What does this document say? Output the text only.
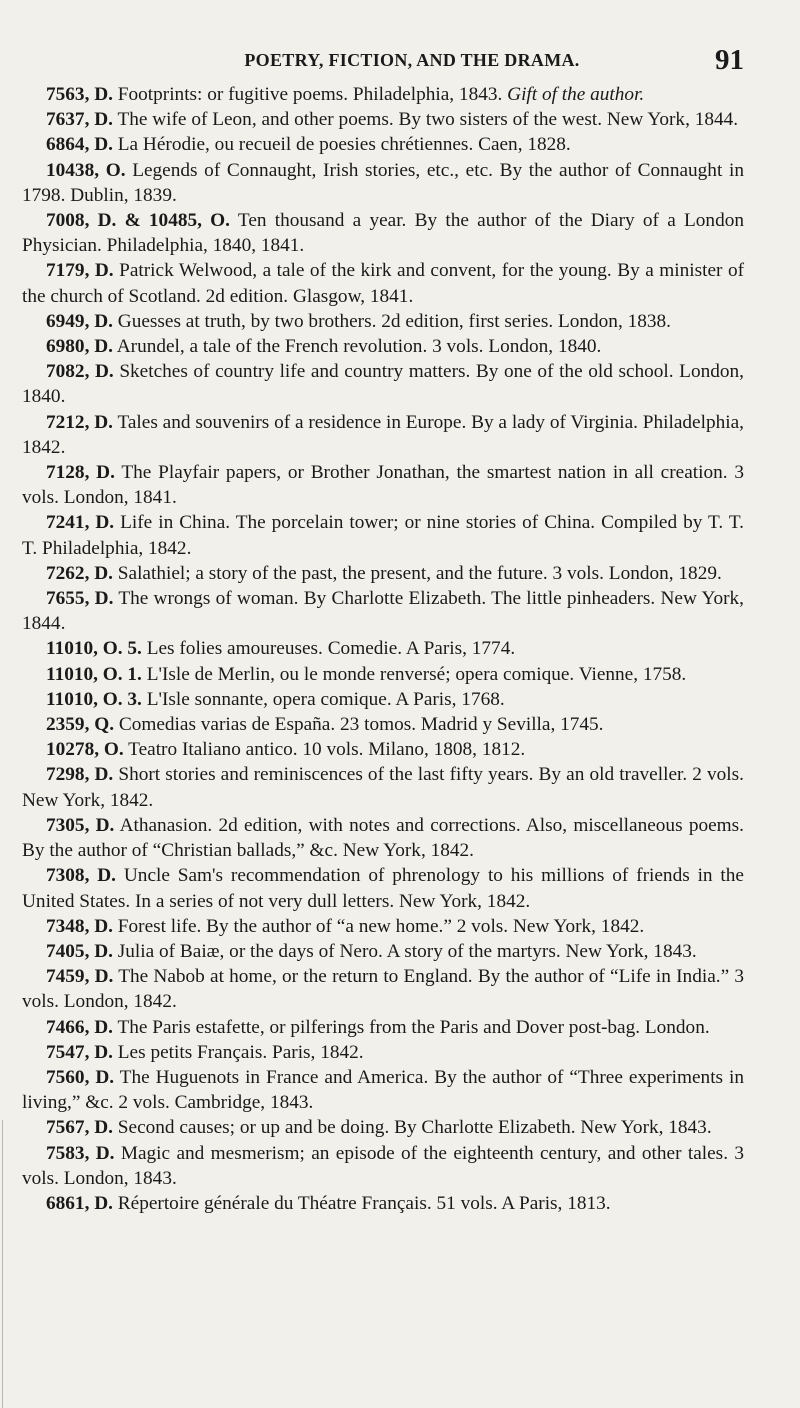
POETRY, FICTION, AND THE DRAMA.	91

7563, D. Footprints: or fugitive poems. Philadelphia, 1843. Gift of the author.

7637, D. The wife of Leon, and other poems. By two sisters of the west. New York, 1844.

6864, D. La Hérodie, ou recueil de poesies chrétiennes. Caen, 1828.

10438, O. Legends of Connaught, Irish stories, etc., etc. By the author of Connaught in 1798. Dublin, 1839.

7008, D. & 10485, O. Ten thousand a year. By the author of the Diary of a London Physician. Philadelphia, 1840, 1841.

7179, D. Patrick Welwood, a tale of the kirk and convent, for the young. By a minister of the church of Scotland. 2d edition. Glasgow, 1841.

6949, D. Guesses at truth, by two brothers. 2d edition, first series. London, 1838.

6980, D. Arundel, a tale of the French revolution. 3 vols. London, 1840.

7082, D. Sketches of country life and country matters. By one of the old school. London, 1840.

7212, D. Tales and souvenirs of a residence in Europe. By a lady of Virginia. Philadelphia, 1842.

7128, D. The Playfair papers, or Brother Jonathan, the smartest nation in all creation. 3 vols. London, 1841.

7241, D. Life in China. The porcelain tower; or nine stories of China. Compiled by T. T. T. Philadelphia, 1842.

7262, D. Salathiel; a story of the past, the present, and the future. 3 vols. London, 1829.

7655, D. The wrongs of woman. By Charlotte Elizabeth. The little pinheaders. New York, 1844.

11010, O. 5. Les folies amoureuses. Comedie. A Paris, 1774.

11010, O. 1. L'Isle de Merlin, ou le monde renversé; opera comique. Vienne, 1758.

11010, O. 3. L'Isle sonnante, opera comique. A Paris, 1768.

2359, Q. Comedias varias de España. 23 tomos. Madrid y Sevilla, 1745.

10278, O. Teatro Italiano antico. 10 vols. Milano, 1808, 1812.

7298, D. Short stories and reminiscences of the last fifty years. By an old traveller. 2 vols. New York, 1842.

7305, D. Athanasion. 2d edition, with notes and corrections. Also, miscellaneous poems. By the author of “Christian ballads,” &c. New York, 1842.

7308, D. Uncle Sam's recommendation of phrenology to his millions of friends in the United States. In a series of not very dull letters. New York, 1842.

7348, D. Forest life. By the author of “a new home.” 2 vols. New York, 1842.

7405, D. Julia of Baiæ, or the days of Nero. A story of the martyrs. New York, 1843.

7459, D. The Nabob at home, or the return to England. By the author of “Life in India.” 3 vols. London, 1842.

7466, D. The Paris estafette, or pilferings from the Paris and Dover post-bag. London.

7547, D. Les petits Français. Paris, 1842.

7560, D. The Huguenots in France and America. By the author of “Three experiments in living,” &c. 2 vols. Cambridge, 1843.

7567, D. Second causes; or up and be doing. By Charlotte Elizabeth. New York, 1843.

7583, D. Magic and mesmerism; an episode of the eighteenth century, and other tales. 3 vols. London, 1843.

6861, D. Répertoire générale du Théatre Français. 51 vols. A Paris, 1813.
